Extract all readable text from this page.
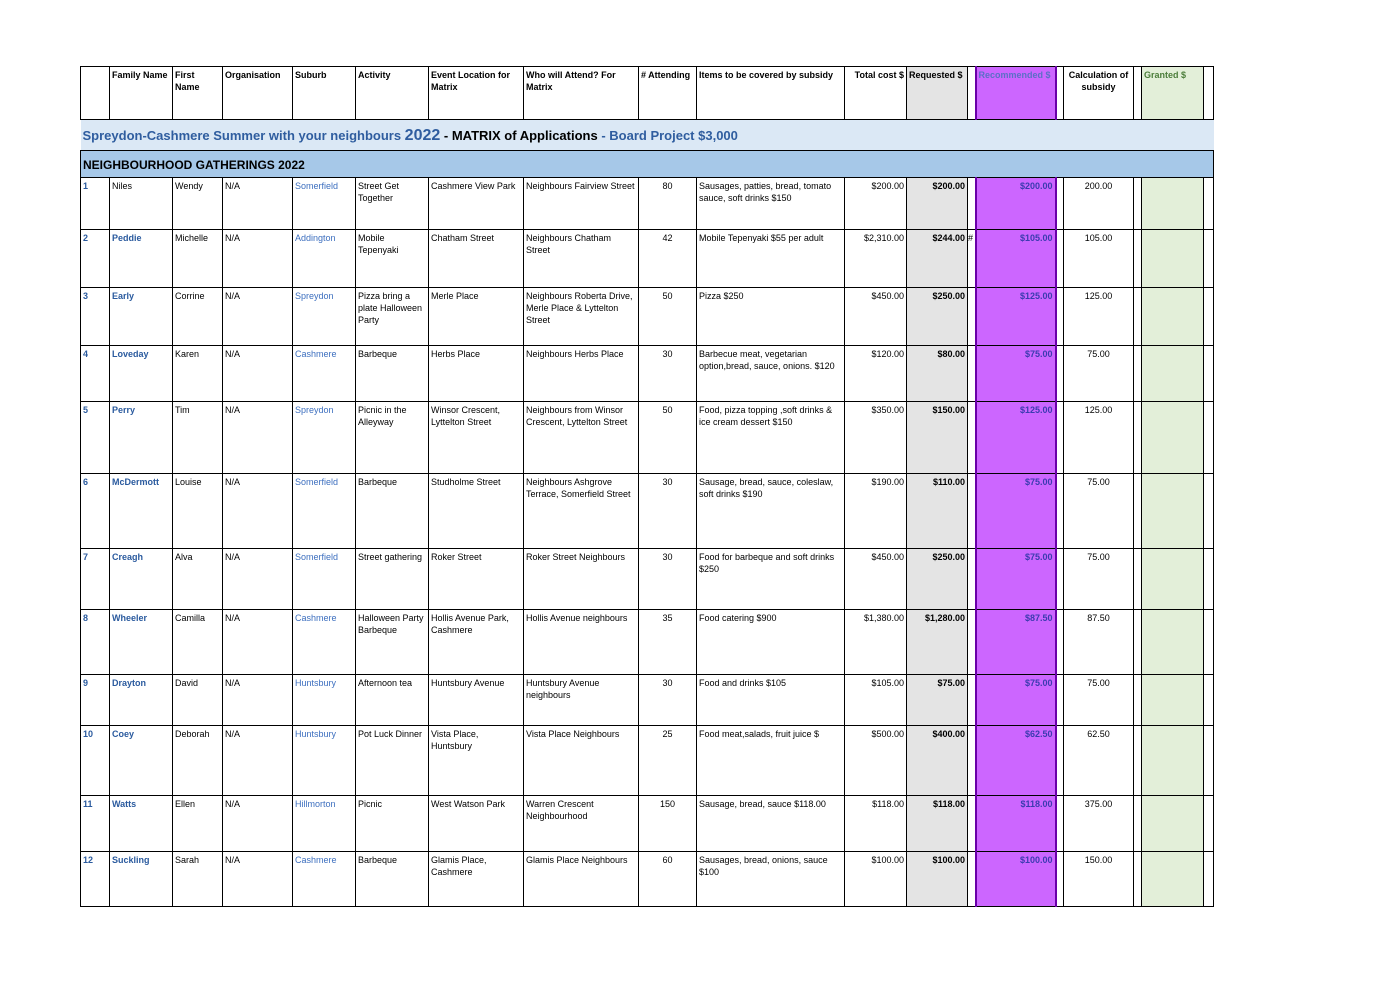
	Family Name	First Name	Organisation	Suburb	Activity	Event Location for Matrix	Who will Attend? For Matrix	# Attending	Items to be covered by subsidy	Total cost $	Requested $		Recommended $		Calculation of subsidy		Granted $	
Spreydon-Cashmere Summer with your neighbours 2022 - MATRIX of Applications - Board Project $3,000																		
NEIGHBOURHOOD GATHERINGS 2022																		
1	Niles	Wendy	N/A	Somerfield	Street Get Together	Cashmere View Park	Neighbours Fairview Street	80	Sausages, patties, bread, tomato sauce, soft drinks $150	$200.00	$200.00		$200.00		200.00			
2	Peddie	Michelle	N/A	Addington	Mobile Tepenyaki	Chatham Street	Neighbours Chatham Street	42	Mobile Tepenyaki $55 per adult	$2,310.00	$244.00	#	$105.00		105.00			
3	Early	Corrine	N/A	Spreydon	Pizza bring a plate Halloween Party	Merle Place	Neighbours Roberta Drive, Merle Place & Lyttelton Street	50	Pizza $250	$450.00	$250.00		$125.00		125.00			
4	Loveday	Karen	N/A	Cashmere	Barbeque	Herbs Place	Neighbours Herbs Place	30	Barbecue meat, vegetarian option,bread, sauce, onions. $120	$120.00	$80.00		$75.00		75.00			
5	Perry	Tim	N/A	Spreydon	Picnic in the Alleyway	Winsor Crescent, Lyttelton Street	Neighbours from Winsor Crescent, Lyttelton Street	50	Food, pizza topping ,soft drinks & ice cream dessert $150	$350.00	$150.00		$125.00		125.00			
6	McDermott	Louise	N/A	Somerfield	Barbeque	Studholme Street	Neighbours Ashgrove Terrace, Somerfield Street	30	Sausage, bread, sauce, coleslaw, soft drinks $190	$190.00	$110.00		$75.00		75.00			
7	Creagh	Alva	N/A	Somerfield	Street gathering	Roker Street	Roker Street Neighbours	30	Food for barbeque and soft drinks $250	$450.00	$250.00		$75.00		75.00			
8	Wheeler	Camilla	N/A	Cashmere	Halloween Party Barbeque	Hollis Avenue Park, Cashmere	Hollis Avenue neighbours	35	Food catering $900	$1,380.00	$1,280.00		$87.50		87.50			
9	Drayton	David	N/A	Huntsbury	Afternoon tea	Huntsbury Avenue	Huntsbury Avenue neighbours	30	Food and drinks $105	$105.00	$75.00		$75.00		75.00			
10	Coey	Deborah	N/A	Huntsbury	Pot Luck Dinner	Vista Place, Huntsbury	Vista Place Neighbours	25	Food meat,salads, fruit juice $	$500.00	$400.00		$62.50		62.50			
11	Watts	Ellen	N/A	Hillmorton	Picnic	West Watson Park	Warren Crescent Neighbourhood	150	Sausage, bread, sauce $118.00	$118.00	$118.00		$118.00		375.00			
12	Suckling	Sarah	N/A	Cashmere	Barbeque	Glamis Place, Cashmere	Glamis Place Neighbours	60	Sausages, bread, onions, sauce $100	$100.00	$100.00		$100.00		150.00			
